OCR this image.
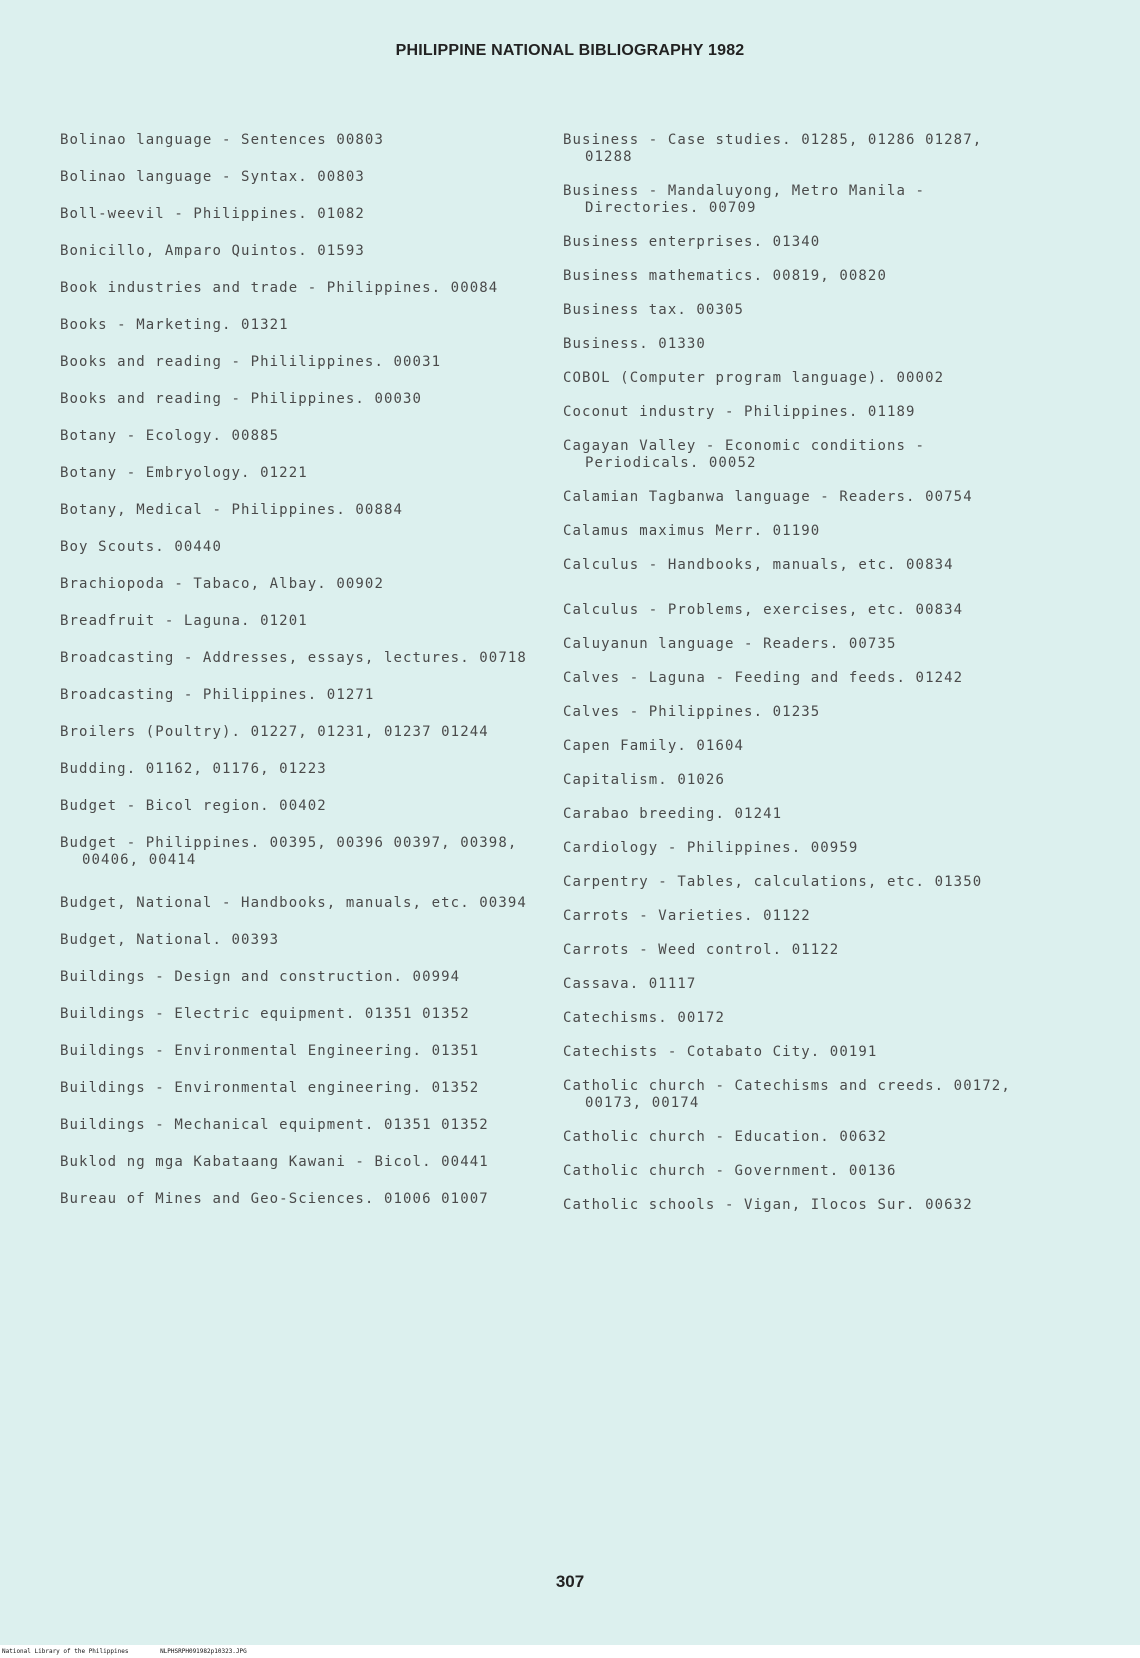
PHILIPPINE NATIONAL BIBLIOGRAPHY 1982
Bolinao language - Sentences 00803
Bolinao language - Syntax. 00803
Boll-weevil - Philippines. 01082
Bonicillo, Amparo Quintos. 01593
Book industries and trade - Philippines. 00084
Books - Marketing. 01321
Books and reading - Phililippines. 00031
Books and reading - Philippines. 00030
Botany - Ecology. 00885
Botany - Embryology. 01221
Botany, Medical - Philippines. 00884
Boy Scouts. 00440
Brachiopoda - Tabaco, Albay. 00902
Breadfruit - Laguna. 01201
Broadcasting - Addresses, essays, lectures. 00718
Broadcasting - Philippines. 01271
Broilers (Poultry). 01227, 01231, 01237 01244
Budding. 01162, 01176, 01223
Budget - Bicol region. 00402
Budget - Philippines. 00395, 00396 00397, 00398, 00406, 00414
Budget, National - Handbooks, manuals, etc. 00394
Budget, National. 00393
Buildings - Design and construction. 00994
Buildings - Electric equipment. 01351 01352
Buildings - Environmental Engineering. 01351
Buildings - Environmental engineering. 01352
Buildings - Mechanical equipment. 01351 01352
Buklod ng mga Kabataang Kawani - Bicol. 00441
Bureau of Mines and Geo-Sciences. 01006 01007
Business - Case studies. 01285, 01286 01287, 01288
Business - Mandaluyong, Metro Manila - Directories. 00709
Business enterprises. 01340
Business mathematics. 00819, 00820
Business tax. 00305
Business. 01330
COBOL (Computer program language). 00002
Coconut industry - Philippines. 01189
Cagayan Valley - Economic conditions - Periodicals. 00052
Calamian Tagbanwa language - Readers. 00754
Calamus maximus Merr. 01190
Calculus - Handbooks, manuals, etc. 00834
Calculus - Problems, exercises, etc. 00834
Caluyanun language - Readers. 00735
Calves - Laguna - Feeding and feeds. 01242
Calves - Philippines. 01235
Capen Family. 01604
Capitalism. 01026
Carabao breeding. 01241
Cardiology - Philippines. 00959
Carpentry - Tables, calculations, etc. 01350
Carrots - Varieties. 01122
Carrots - Weed control. 01122
Cassava. 01117
Catechisms. 00172
Catechists - Cotabato City. 00191
Catholic church - Catechisms and creeds. 00172, 00173, 00174
Catholic church - Education. 00632
Catholic church - Government. 00136
Catholic schools - Vigan, Ilocos Sur. 00632
307
National Library of the Philippines	NLPHSRPH091982p10323.JPG
